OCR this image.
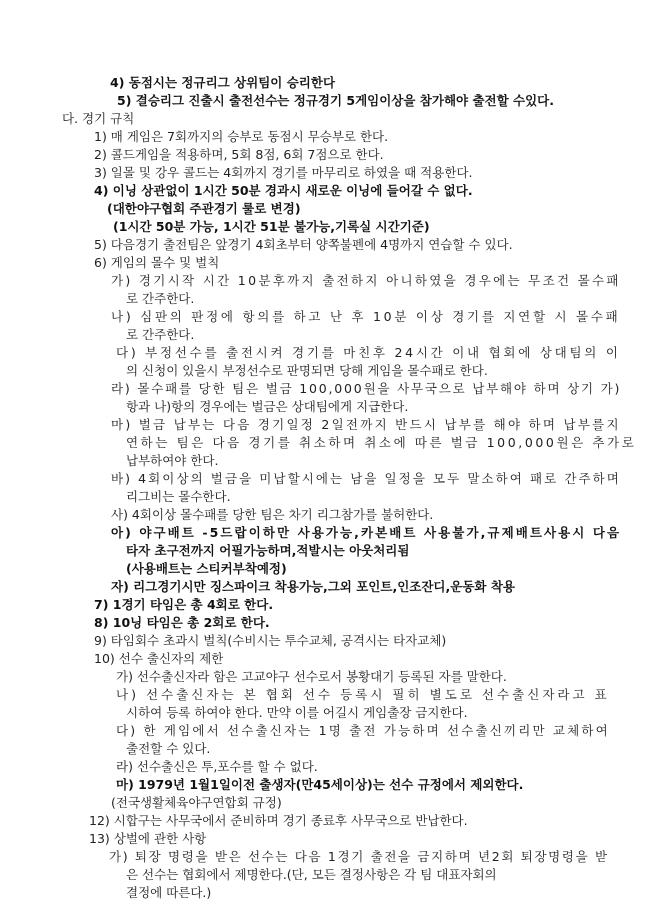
4) 동점시는 정규리그 상위팀이 승리한다
5) 결승리그 진출시 출전선수는 정규경기 5게임이상을 참가해야 출전할 수있다.
다. 경기 규칙
1) 매 게임은 7회까지의 승부로 동점시 무승부로 한다.
2) 콜드게임을 적용하며, 5회 8점, 6회 7점으로 한다.
3) 일몰 및 강우 콜드는 4회까지 경기를 마무리로 하였을 때 적용한다.
4) 이닝 상관없이 1시간 50분 경과시 새로운 이닝에 들어갈 수 없다.
(대한야구협회 주관경기 룰로 변경)
(1시간 50분 가능, 1시간 51분 불가능,기록실 시간기준)
5) 다음경기 출전팀은 앞경기 4회초부터 양쪽불펜에 4명까지 연습할 수 있다.
6) 게임의 몰수 및 벌칙
가) 경기시작 시간 10분후까지 출전하지 아니하였을 경우에는 무조건 몰수패
로 간주한다.
나) 심판의 판정에 항의를 하고 난 후 10분 이상 경기를 지연할 시 몰수패
로 간주한다.
다) 부정선수를 출전시켜 경기를 마친후 24시간 이내 협회에 상대팀의 이
의 신청이 있을시 부정선수로 판명되면 당해 게임을 몰수패로 한다.
라) 몰수패를 당한 팀은 벌금 100,000원을 사무국으로 납부해야 하며 상기 가)
항과 나)항의 경우에는 벌금은 상대팀에게 지급한다.
마) 벌금 납부는 다음 경기일정 2일전까지 반드시 납부를 해야 하며 납부를지
연하는 팀은 다음 경기를 취소하며 취소에 따른 벌금 100,000원은 추가로
납부하여야 한다.
바) 4회이상의 벌금을 미납할시에는 남을 일정을 모두 말소하여 패로 간주하며
리그비는 몰수한다.
사) 4회이상 몰수패를 당한 팀은 차기 리그참가를 불허한다.
아) 야구배트 -5드랍이하만 사용가능,카본배트 사용불가,규제배트사용시 다음
타자 초구전까지 어필가능하며,적발시는 아웃처리됨
(사용배트는 스티커부착예정)
자) 리그경기시만 징스파이크 착용가능,그외 포인트,인조잔디,운동화 착용
7) 1경기 타임은 총 4회로 한다.
8) 10닝 타임은 총 2회로 한다.
9) 타임회수 초과시 벌칙(수비시는 투수교체, 공격시는 타자교체)
10) 선수 출신자의 제한
가) 선수출신자라 함은 고교야구 선수로서 봉황대기 등록된 자를 말한다.
나) 선수출신자는 본 협회 선수 등록시 필히 별도로 선수출신자라고 표
시하여 등록 하여야 한다. 만약 이를 어길시 게임출장 금지한다.
다) 한 게임에서 선수출신자는 1명 출전 가능하며 선수출신끼리만 교체하여
출전할 수 있다.
라) 선수출신은 투,포수를 할 수 없다.
마) 1979년 1월1일이전 출생자(만45세이상)는 선수 규정에서 제외한다.
(전국생활체육야구연합회 규정)
12) 시합구는 사무국에서 준비하며 경기 종료후 사무국으로 반납한다.
13) 상벌에 관한 사항
가) 퇴장 명령을 받은 선수는 다음 1경기 출전을 금지하며 년2회 퇴장명령을 받
은 선수는 협회에서 제명한다.(단, 모든 결정사항은 각 팀 대표자회의
결정에 따른다.)
